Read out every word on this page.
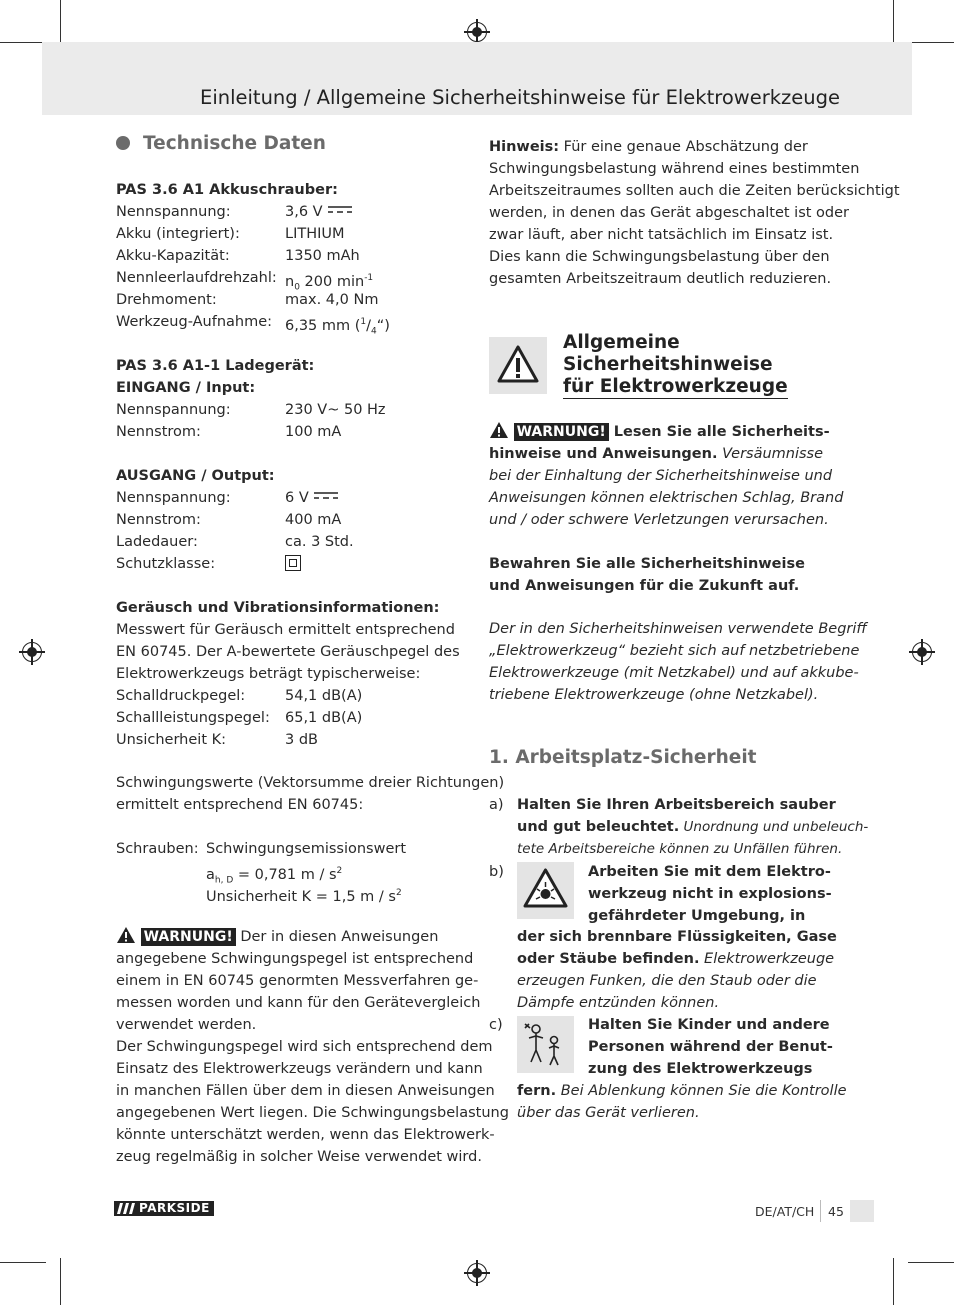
Einleitung / Allgemeine Sicherheitshinweise für Elektrowerkzeuge
Technische Daten
PAS 3.6 A1 Akkuschrauber:
Nennspannung:	3,6 V
Akku (integriert):	LITHIUM
Akku-Kapazität:	1350 mAh
Nennleerlaufdrehzahl: $n_0$ 200 $\min^{-1}$
Drehmoment:	max. 4,0 Nm
Werkzeug-Aufnahme: 6,35 mm $(^1/_4“)$
PAS 3.6 A1-1 Ladegerät:
EINGANG / Input:
Nennspannung:	230 V~ 50 Hz
Nennstrom:	100 mA
AUSGANG / Output:
Nennspannung:	6 V
Nennstrom:	400 mA
Ladedauer:	ca. 3 Std.
Schutzklasse:
Geräusch und Vibrationsinformationen:
Messwert für Geräusch ermittelt entsprechend
EN 60745. Der A-bewertete Geräuschpegel des
Elektrowerkzeugs beträgt typischerweise:
Schalldruckpegel:	54,1 dB(A)
Schallleistungspegel: 65,1 dB(A)
Unsicherheit K:	3 dB
Schwingungswerte (Vektorsumme dreier Richtungen)
ermittelt entsprechend EN 60745:
Schrauben: Schwingungsemissionswert
$a_{h, D} = 0,781$ m / $s^2$
Unsicherheit K = 1,5 m / $s^2$
WARNUNG! Der in diesen Anweisungen
angegebene Schwingungspegel ist entsprechend
einem in EN 60745 genormten Messverfahren ge-
messen worden und kann für den Gerätevergleich
verwendet werden.
Der Schwingungspegel wird sich entsprechend dem
Einsatz des Elektrowerkzeugs verändern und kann
in manchen Fällen über dem in diesen Anweisungen
angegebenen Wert liegen. Die Schwingungsbelastung
könnte unterschätzt werden, wenn das Elektrowerk-
zeug regelmäßig in solcher Weise verwendet wird.
Hinweis: Für eine genaue Abschätzung der
Schwingungsbelastung während eines bestimmten
Arbeitszeitraumes sollten auch die Zeiten berücksichtigt
werden, in denen das Gerät abgeschaltet ist oder
zwar läuft, aber nicht tatsächlich im Einsatz ist.
Dies kann die Schwingungsbelastung über den
gesamten Arbeitszeitraum deutlich reduzieren.
Allgemeine
Sicherheitshinweise
für Elektrowerkzeuge
WARNUNG! Lesen Sie alle Sicherheits-
hinweise und Anweisungen. Versäumnisse
bei der Einhaltung der Sicherheitshinweise und
Anweisungen können elektrischen Schlag, Brand
und / oder schwere Verletzungen verursachen.
Bewahren Sie alle Sicherheitshinweise
und Anweisungen für die Zukunft auf.
Der in den Sicherheitshinweisen verwendete Begriff
„Elektrowerkzeug“ bezieht sich auf netzbetriebene
Elektrowerkzeuge (mit Netzkabel) und auf akkube-
triebene Elektrowerkzeuge (ohne Netzkabel).
1. Arbeitsplatz-Sicherheit
a) Halten Sie Ihren Arbeitsbereich sauber
und gut beleuchtet. Unordnung und unbeleuch-
tete Arbeitsbereiche können zu Unfällen führen.
b)	Arbeiten Sie mit dem Elektro-
werkzeug nicht in explosions-
gefährdeter Umgebung, in
der sich brennbare Flüssigkeiten, Gase
oder Stäube befinden. Elektrowerkzeuge
erzeugen Funken, die den Staub oder die
Dämpfe entzünden können.
c)	Halten Sie Kinder und andere
Personen während der Benut-
zung des Elektrowerkzeugs
fern. Bei Ablenkung können Sie die Kontrolle
über das Gerät verlieren.
PARKSIDE	DE/AT/CH 45
